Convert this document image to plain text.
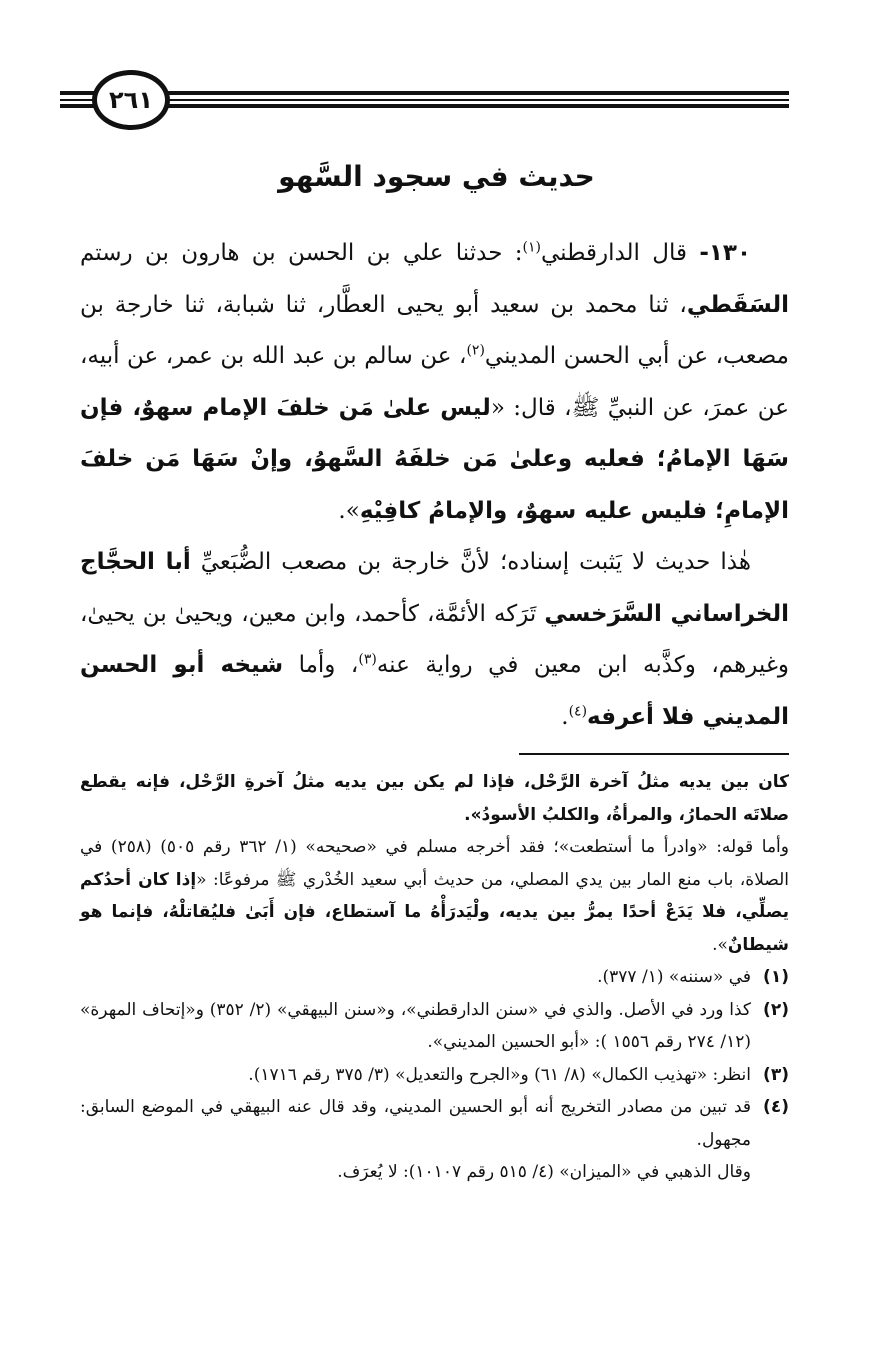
٢٦١
حديث في سجود السَّهو

١٣٠- قال الدارقطني$^{(١)}$: حدثنا علي بن الحسن بن هارون بن رستم السَقَطي، ثنا محمد بن سعيد أبو يحيى العطَّار، ثنا شبابة، ثنا خارجة بن مصعب، عن أبي الحسن المديني$^{(٢)}$، عن سالم بن عبد الله بن عمر، عن أبيه، عن عمرَ، عن النبيِّ ﷺ، قال: «ليس علىٰ مَن خلفَ الإمام سهوٌ، فإن سَهَا الإمامُ؛ فعليه وعلىٰ مَن خلفَهُ السَّهوُ، وإنْ سَهَا مَن خلفَ الإمامِ؛ فليس عليه سهوٌ، والإمامُ كافِيْهِ».

هٰذا حديث لا يَثبت إسناده؛ لأنَّ خارجة بن مصعب الضُّبَعيِّ أبا الحجَّاج الخراساني السَّرَخسي تَرَكه الأئمَّة، كأحمد، وابن معين، ويحيىٰ بن يحيىٰ، وغيرهم، وكذَّبه ابن معين في رواية عنه$^{(٣)}$، وأما شيخه أبو الحسن المديني فلا أعرفه$^{(٤)}$.

كان بين يديه مثلُ آخرة الرَّحْل، فإذا لم يكن بين يديه مثلُ آخرةِ الرَّحْل، فإنه يقطع صلاتَه الحمارُ، والمرأةُ، والكلبُ الأسودُ».

وأما قوله: «وادرأ ما أستطعت»؛ فقد أخرجه مسلم في «صحيحه» (١/ ٣٦٢ رقم ٥٠٥) (٢٥٨) في الصلاة، باب منع المار بين يدي المصلي، من حديث أبي سعيد الخُدْري ﷺ مرفوعًا: «إذا كان أحدُكم يصلِّي، فلا يَدَعْ أحدًا يمرُّ بين يديه، ولْيَدرَأْهُ ما آستطاع، فإن أَبَىٰ فليُقاتلْهُ، فإنما هو شيطانٌ».

(١)
في «سننه» (١/ ٣٧٧).
(٢)
كذا ورد في الأصل. والذي في «سنن الدارقطني»، و«سنن البيهقي» (٢/ ٣٥٢) و«إتحاف المهرة» (١٢/ ٢٧٤ رقم ١٥٥٦ ): «أبو الحسين المديني».
(٣)
انظر: «تهذيب الكمال» (٨/ ٦١) و«الجرح والتعديل» (٣/ ٣٧٥ رقم ١٧١٦).
(٤)
قد تبين من مصادر التخريج أنه أبو الحسين المديني، وقد قال عنه البيهقي في الموضع السابق: مجهول.
وقال الذهبي في «الميزان» (٤/ ٥١٥ رقم ١٠١٠٧): لا يُعرَف.
